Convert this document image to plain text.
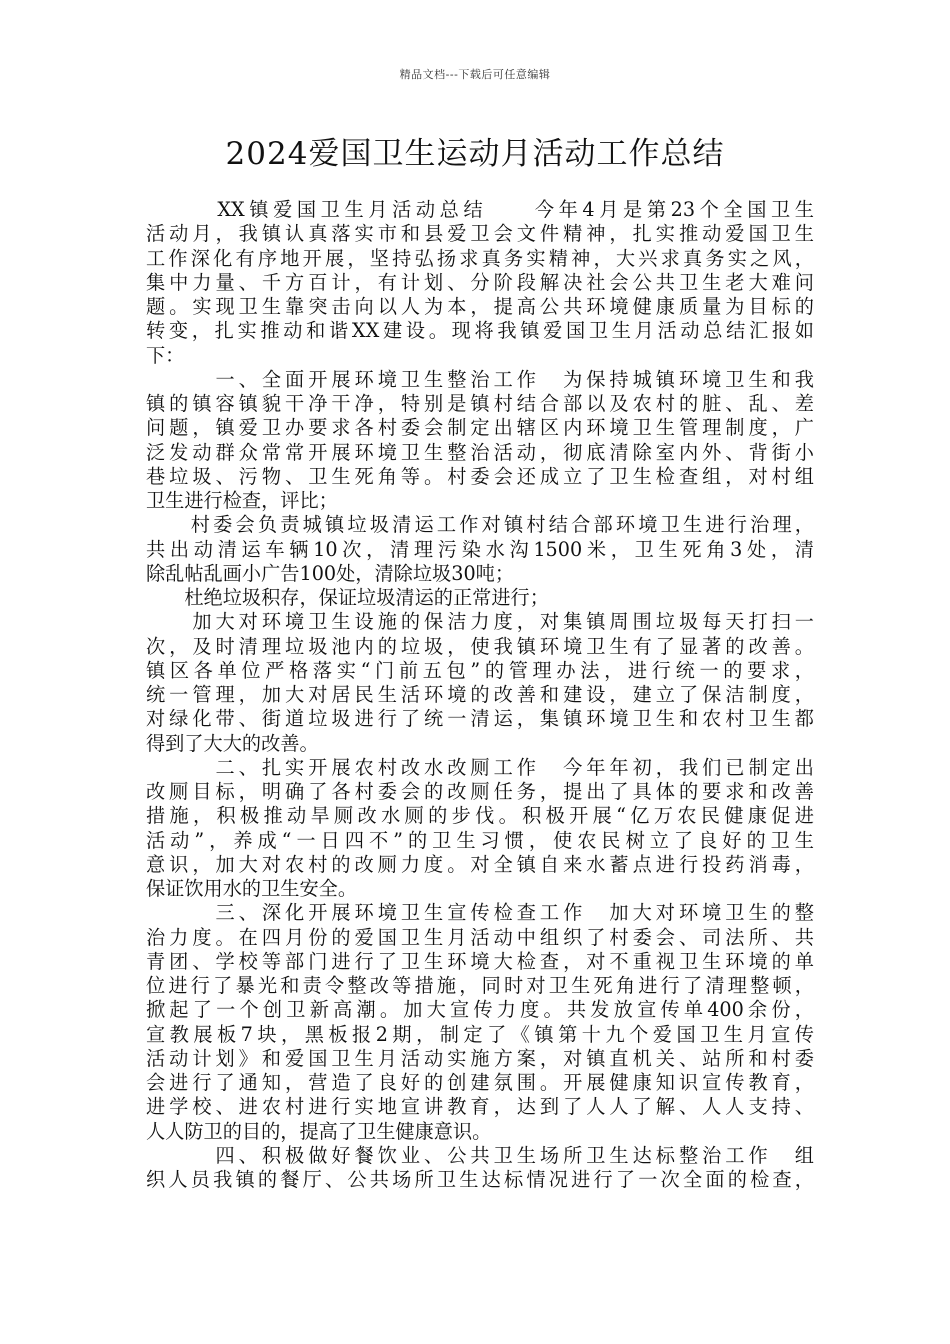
精品文档---下载后可任意编辑
2024爱国卫生运动月活动工作总结
　　　XX镇爱国卫生月活动总结　　今年4月是第23个全国卫生
活动月，我镇认真落实市和县爱卫会文件精神，扎实推动爱国卫生
工作深化有序地开展，坚持弘扬求真务实精神，大兴求真务实之风，
集中力量、千方百计，有计划、分阶段解决社会公共卫生老大难问
题。实现卫生靠突击向以人为本，提高公共环境健康质量为目标的
转变，扎实推动和谐XX建设。现将我镇爱国卫生月活动总结汇报如
下：
　　　一、全面开展环境卫生整治工作　为保持城镇环境卫生和我
镇的镇容镇貌干净干净，特别是镇村结合部以及农村的脏、乱、差
问题，镇爱卫办要求各村委会制定出辖区内环境卫生管理制度，广
泛发动群众常常开展环境卫生整治活动，彻底清除室内外、背街小
巷垃圾、污物、卫生死角等。村委会还成立了卫生检查组，对村组
卫生进行检查，评比；
　　村委会负责城镇垃圾清运工作对镇村结合部环境卫生进行治理，
共出动清运车辆10次，清理污染水沟1500米，卫生死角3处，清
除乱帖乱画小广告100处，清除垃圾30吨；
　　杜绝垃圾积存，保证垃圾清运的正常进行；
　　加大对环境卫生设施的保洁力度，对集镇周围垃圾每天打扫一
次，及时清理垃圾池内的垃圾，使我镇环境卫生有了显著的改善。
镇区各单位严格落实“门前五包”的管理办法，进行统一的要求，
统一管理，加大对居民生活环境的改善和建设，建立了保洁制度，
对绿化带、街道垃圾进行了统一清运，集镇环境卫生和农村卫生都
得到了大大的改善。
　　　二、扎实开展农村改水改厕工作　今年年初，我们已制定出
改厕目标，明确了各村委会的改厕任务，提出了具体的要求和改善
措施，积极推动旱厕改水厕的步伐。积极开展“亿万农民健康促进
活动”，养成“一日四不”的卫生习惯，使农民树立了良好的卫生
意识，加大对农村的改厕力度。对全镇自来水蓄点进行投药消毒，
保证饮用水的卫生安全。
　　　三、深化开展环境卫生宣传检查工作　加大对环境卫生的整
治力度。在四月份的爱国卫生月活动中组织了村委会、司法所、共
青团、学校等部门进行了卫生环境大检查，对不重视卫生环境的单
位进行了暴光和责令整改等措施，同时对卫生死角进行了清理整顿，
掀起了一个创卫新高潮。加大宣传力度。共发放宣传单400余份，
宣教展板7块，黑板报2期，制定了《镇第十九个爱国卫生月宣传
活动计划》和爱国卫生月活动实施方案，对镇直机关、站所和村委
会进行了通知，营造了良好的创建氛围。开展健康知识宣传教育，
进学校、进农村进行实地宣讲教育，达到了人人了解、人人支持、
人人防卫的目的，提高了卫生健康意识。
　　　四、积极做好餐饮业、公共卫生场所卫生达标整治工作　组
织人员我镇的餐厅、公共场所卫生达标情况进行了一次全面的检查，
